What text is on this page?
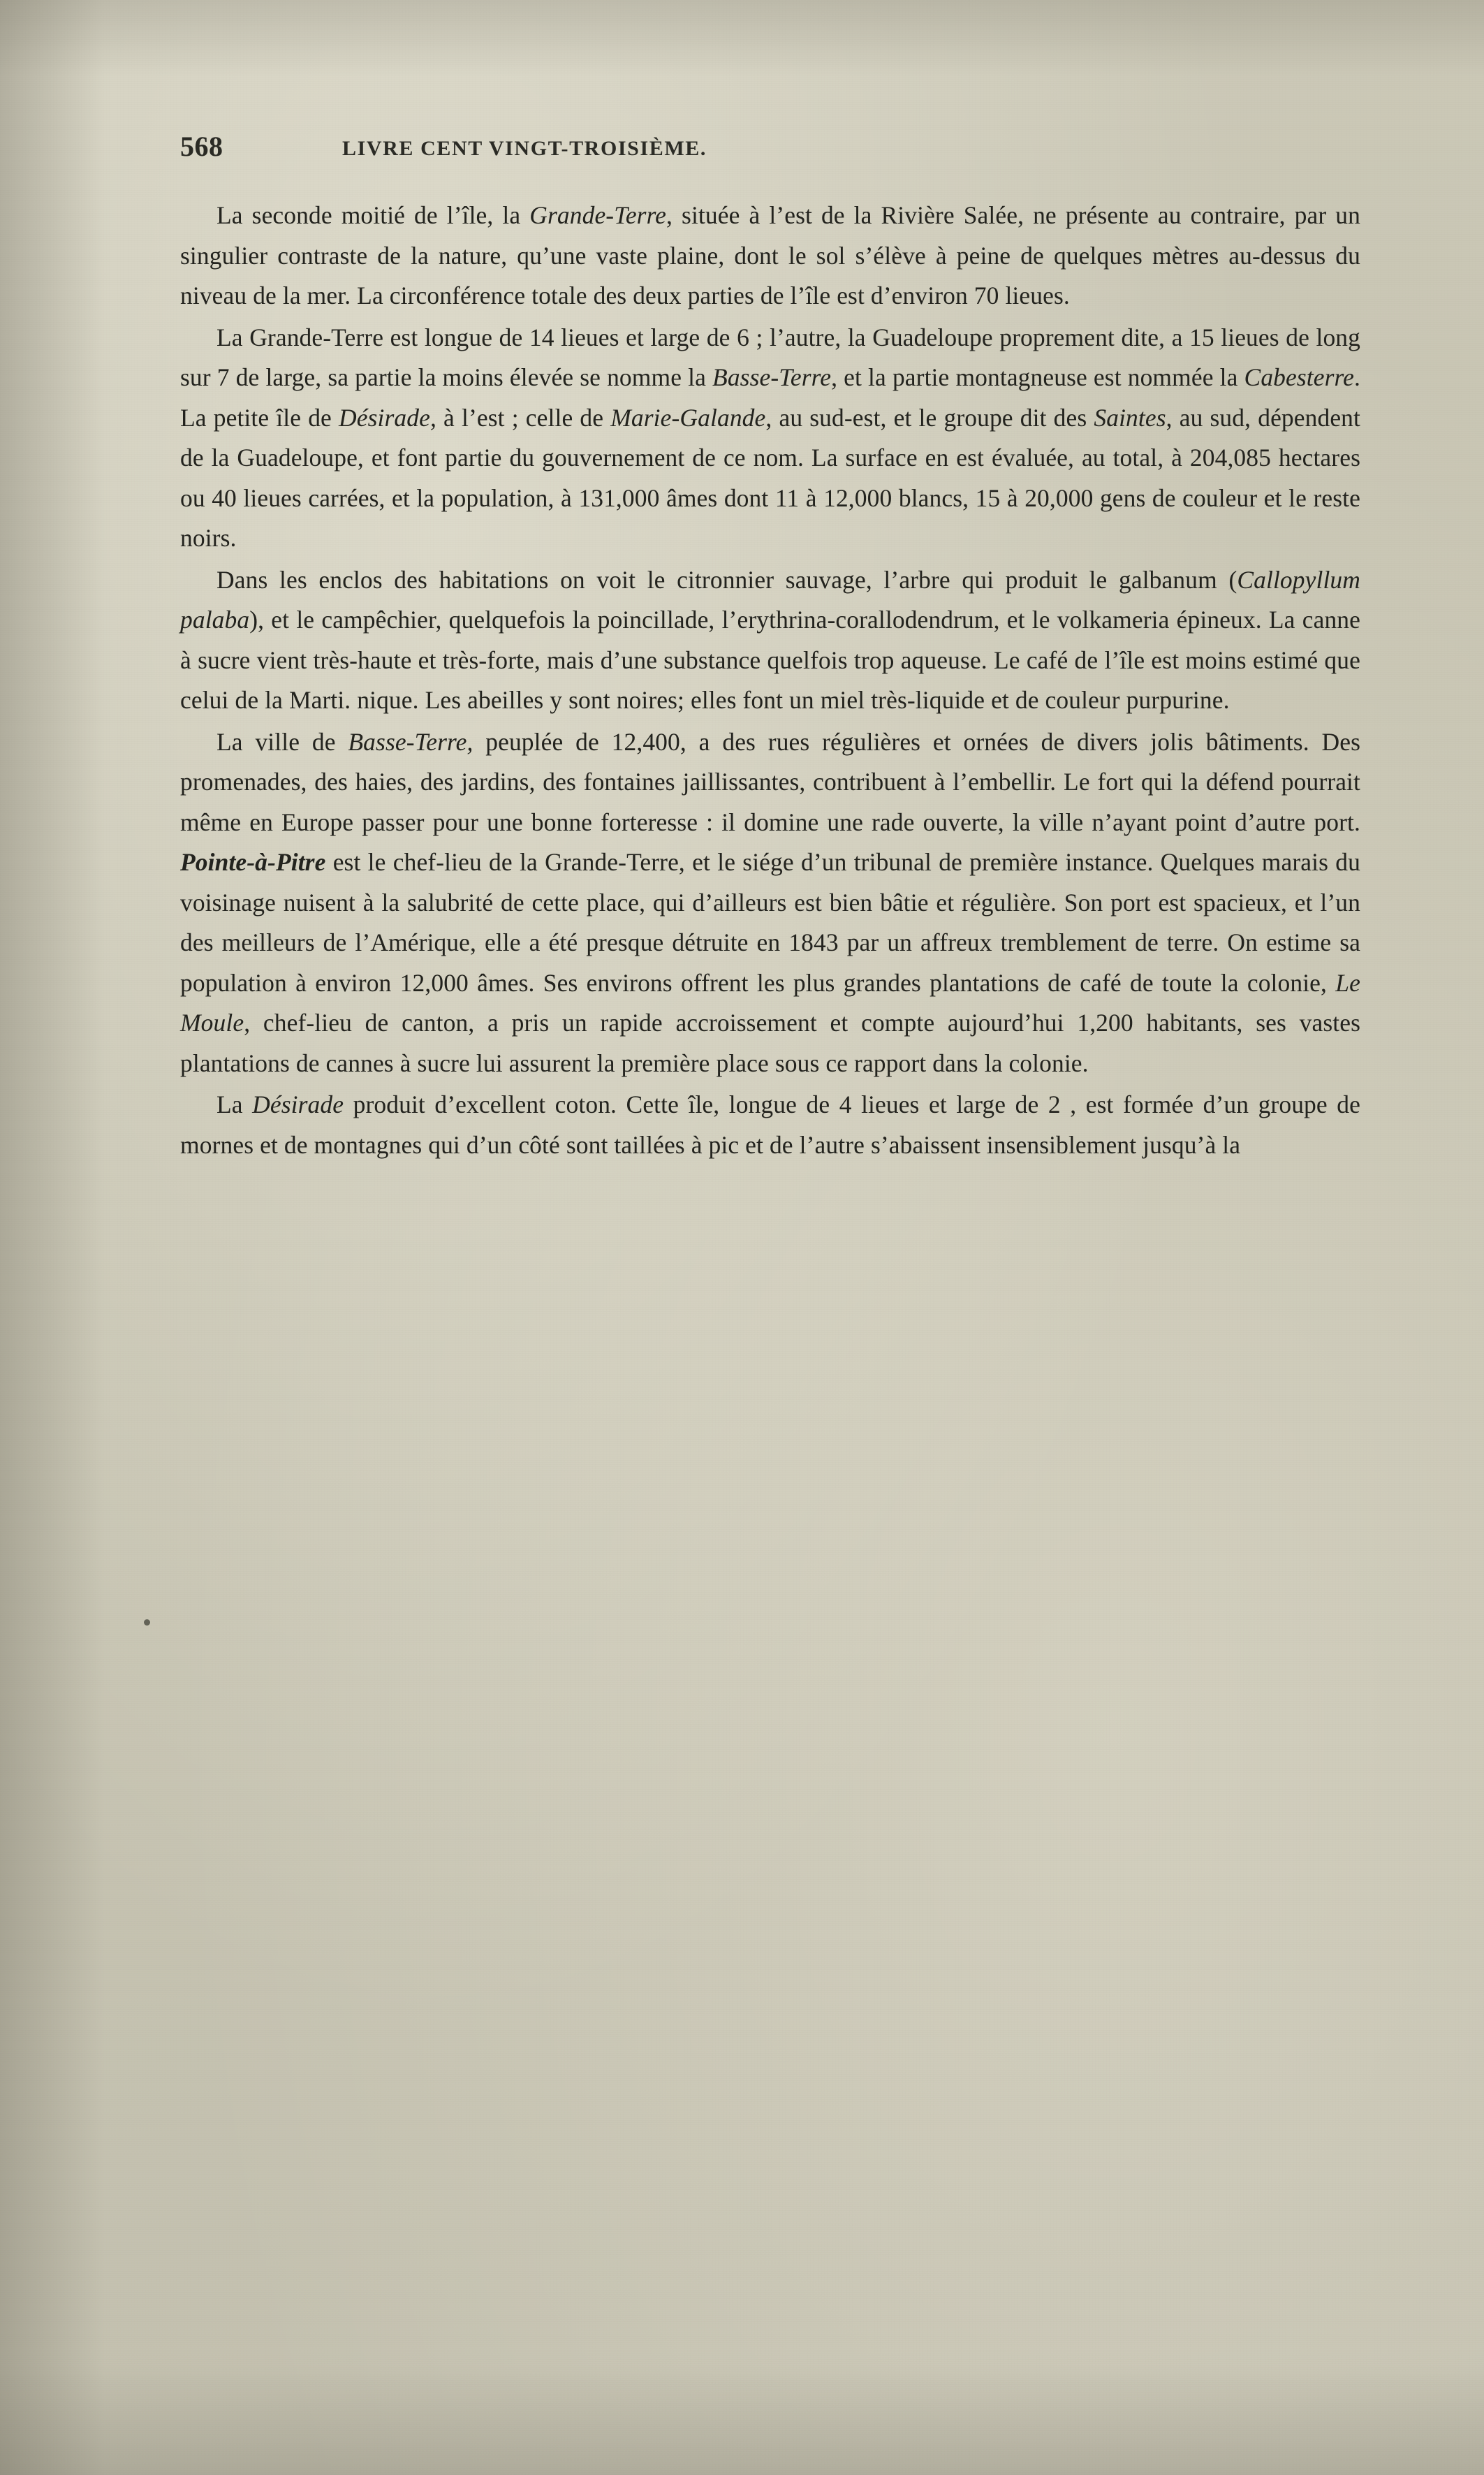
568	LIVRE CENT VINGT-TROISIÈME.

La seconde moitié de l’île, la Grande-Terre, située à l’est de la Rivière Salée, ne présente au contraire, par un singulier contraste de la nature, qu’une vaste plaine, dont le sol s’élève à peine de quelques mètres au-dessus du niveau de la mer. La circonférence totale des deux parties de l’île est d’environ 70 lieues.

La Grande-Terre est longue de 14 lieues et large de 6 ; l’autre, la Guadeloupe proprement dite, a 15 lieues de long sur 7 de large, sa partie la moins élevée se nomme la Basse-Terre, et la partie montagneuse est nommée la Cabesterre. La petite île de Désirade, à l’est ; celle de Marie-Galande, au sud-est, et le groupe dit des Saintes, au sud, dépendent de la Guadeloupe, et font partie du gouvernement de ce nom. La surface en est évaluée, au total, à 204,085 hectares ou 40 lieues carrées, et la population, à 131,000 âmes dont 11 à 12,000 blancs, 15 à 20,000 gens de couleur et le reste noirs.

Dans les enclos des habitations on voit le citronnier sauvage, l’arbre qui produit le galbanum (Callopyllum palaba), et le campêchier, quelquefois la poincillade, l’erythrina-corallodendrum, et le volkameria épineux. La canne à sucre vient très-haute et très-forte, mais d’une substance quelfois trop aqueuse. Le café de l’île est moins estimé que celui de la Marti. nique. Les abeilles y sont noires; elles font un miel très-liquide et de couleur purpurine.

La ville de Basse-Terre, peuplée de 12,400, a des rues régulières et ornées de divers jolis bâtiments. Des promenades, des haies, des jardins, des fontaines jaillissantes, contribuent à l’embellir. Le fort qui la défend pourrait même en Europe passer pour une bonne forteresse : il domine une rade ouverte, la ville n’ayant point d’autre port. Pointe-à-Pitre est le chef-lieu de la Grande-Terre, et le siége d’un tribunal de première instance. Quelques marais du voisinage nuisent à la salubrité de cette place, qui d’ailleurs est bien bâtie et régulière. Son port est spacieux, et l’un des meilleurs de l’Amérique, elle a été presque détruite en 1843 par un affreux tremblement de terre. On estime sa population à environ 12,000 âmes. Ses environs offrent les plus grandes plantations de café de toute la colonie, Le Moule, chef-lieu de canton, a pris un rapide accroissement et compte aujourd’hui 1,200 habitants, ses vastes plantations de cannes à sucre lui assurent la première place sous ce rapport dans la colonie.

La Désirade produit d’excellent coton. Cette île, longue de 4 lieues et large de 2 , est formée d’un groupe de mornes et de montagnes qui d’un côté sont taillées à pic et de l’autre s’abaissent insensiblement jusqu’à la
